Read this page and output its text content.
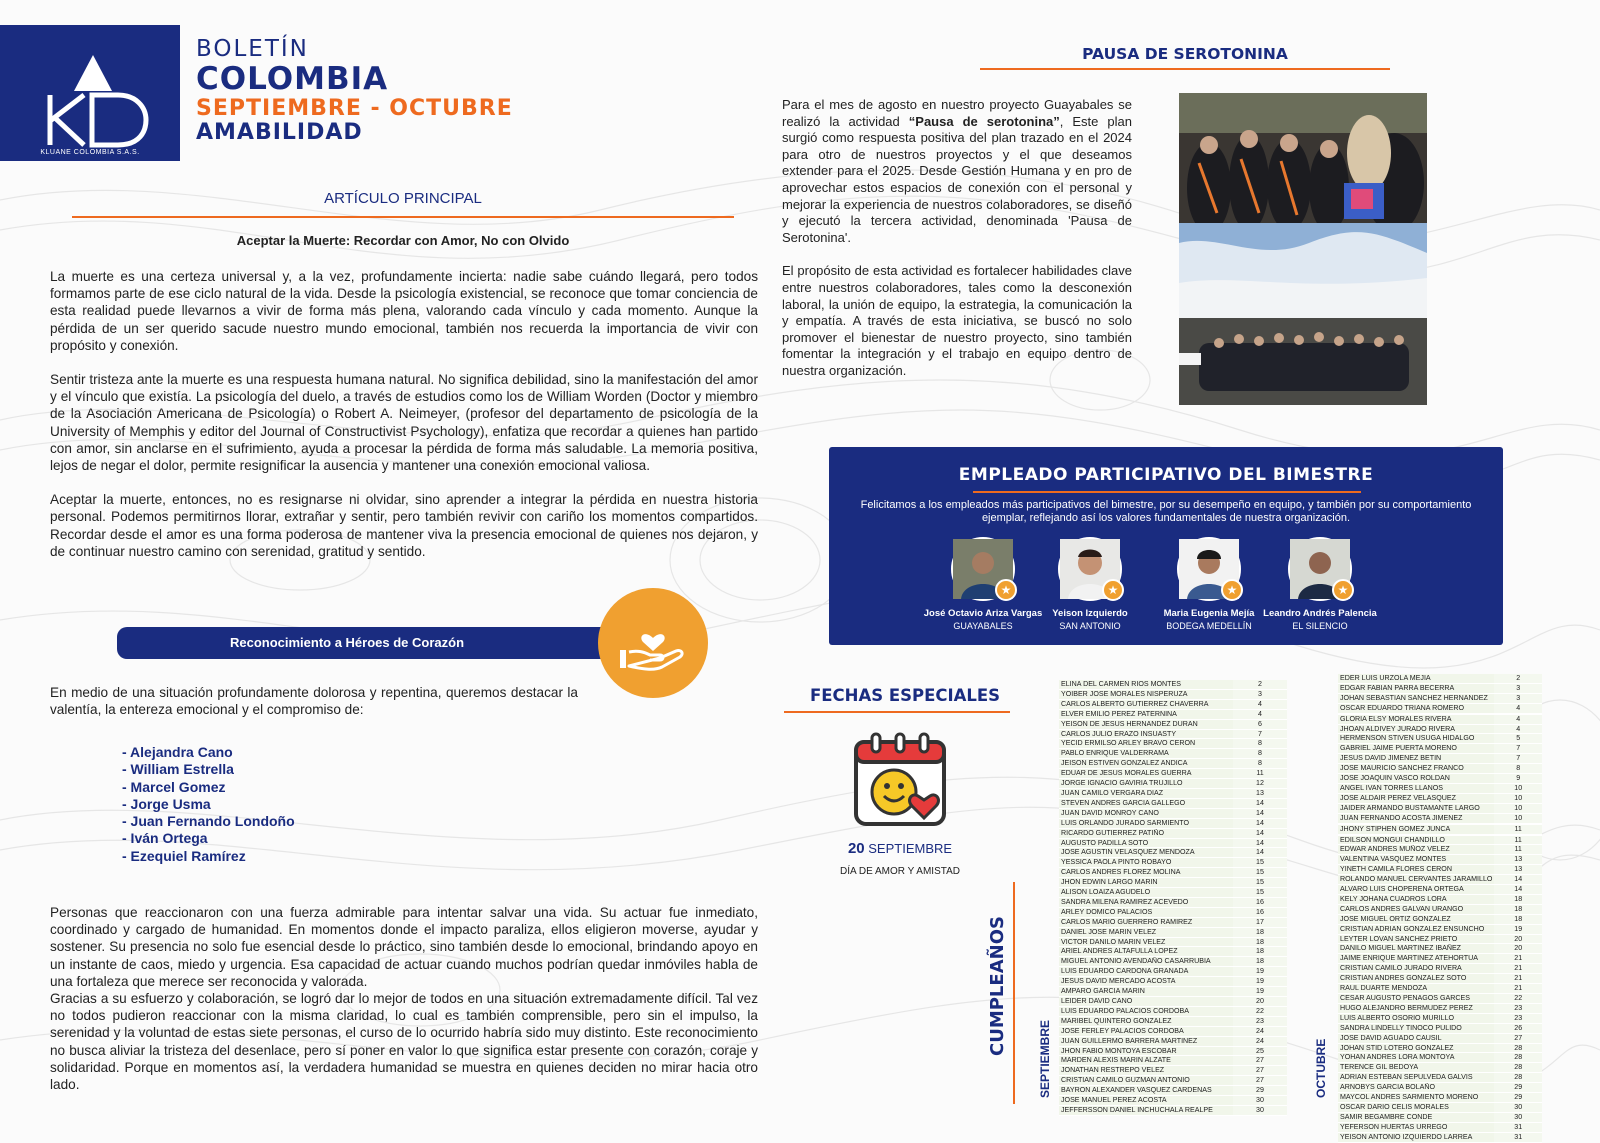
KLUANE COLOMBIA S.A.S.
BOLETÍN
COLOMBIA
SEPTIEMBRE - OCTUBRE
AMABILIDAD
ARTÍCULO PRINCIPAL
Aceptar la Muerte: Recordar con Amor, No con Olvido

La muerte es una certeza universal y, a la vez, profundamente incierta: nadie sabe cuándo llegará, pero todos formamos parte de ese ciclo natural de la vida. Desde la psicología existencial, se reconoce que tomar conciencia de esta realidad puede llevarnos a vivir de forma más plena, valorando cada vínculo y cada momento. Aunque la pérdida de un ser querido sacude nuestro mundo emocional, también nos recuerda la importancia de vivir con propósito y conexión.

Sentir tristeza ante la muerte es una respuesta humana natural. No significa debilidad, sino la manifestación del amor y el vínculo que existía. La psicología del duelo, a través de estudios como los de William Worden (Doctor y miembro de la Asociación Americana de Psicología) o Robert A. Neimeyer, (profesor del departamento de psicología de la University of Memphis y editor del Journal of Constructivist Psychology), enfatiza que recordar a quienes han partido con amor, sin anclarse en el sufrimiento, ayuda a procesar la pérdida de forma más saludable. La memoria positiva, lejos de negar el dolor, permite resignificar la ausencia y mantener una conexión emocional valiosa.

Aceptar la muerte, entonces, no es resignarse ni olvidar, sino aprender a integrar la pérdida en nuestra historia personal. Podemos permitirnos llorar, extrañar y sentir, pero también revivir con cariño los momentos compartidos. Recordar desde el amor es una forma poderosa de mantener viva la presencia emocional de quienes nos dejaron, y de continuar nuestro camino con serenidad, gratitud y sentido.

Reconocimiento a Héroes de Corazón

En medio de una situación profundamente dolorosa y repentina, queremos destacar la valentía, la entereza emocional y el compromiso de:

- Alejandra Cano
- William Estrella
- Marcel Gomez
- Jorge Usma
- Juan Fernando Londoño
- Iván Ortega
- Ezequiel Ramírez

Personas que reaccionaron con una fuerza admirable para intentar salvar una vida. Su actuar fue inmediato, coordinado y cargado de humanidad. En momentos donde el impacto paraliza, ellos eligieron moverse, ayudar y sostener. Su presencia no solo fue esencial desde lo práctico, sino también desde lo emocional, brindando apoyo en un instante de caos, miedo y urgencia. Esa capacidad de actuar cuando muchos podrían quedar inmóviles habla de una fortaleza que merece ser reconocida y valorada.

Gracias a su esfuerzo y colaboración, se logró dar lo mejor de todos en una situación extremadamente difícil. Tal vez no todos pudieron reaccionar con la misma claridad, lo cual es también comprensible, pero sin el impulso, la serenidad y la voluntad de estas siete personas, el curso de lo ocurrido habría sido muy distinto. Este reconocimiento no busca aliviar la tristeza del desenlace, pero sí poner en valor lo que significa estar presente con corazón, coraje y solidaridad. Porque en momentos así, la verdadera humanidad se muestra en quienes deciden no mirar hacia otro lado.

PAUSA DE SEROTONINA

Para el mes de agosto en nuestro proyecto Guayabales se realizó la actividad “Pausa de serotonina”, Este plan surgió como respuesta positiva del plan trazado en el 2024 para otro de nuestros proyectos y el que deseamos extender para el 2025. Desde Gestión Humana y en pro de aprovechar estos espacios de conexión con el personal y mejorar la experiencia de nuestros colaboradores, se diseñó y ejecutó la tercera actividad, denominada 'Pausa de Serotonina'.

El propósito de esta actividad es fortalecer habilidades clave entre nuestros colaboradores, tales como la desconexión laboral, la unión de equipo, la estrategia, la comunicación la y empatía. A través de esta iniciativa, se buscó no solo promover el bienestar de nuestro proyecto, sino también fomentar la integración y el trabajo en equipo dentro de nuestra organización.

EMPLEADO PARTICIPATIVO DEL BIMESTRE
Felicitamos a los empleados más participativos del bimestre, por su desempeño en equipo, y también por su comportamiento ejemplar, reflejando así los valores fundamentales de nuestra organización.
★
José Octavio Ariza Vargas
GUAYABALES
★
Yeison Izquierdo
SAN ANTONIO
★
Maria Eugenia Mejía
BODEGA MEDELLÍN
★
Leandro Andrés Palencia
EL SILENCIO
FECHAS ESPECIALES
20 SEPTIEMBRE
DÍA DE AMOR Y AMISTAD
CUMPLEAÑOS
SEPTIEMBRE	OCTUBRE
ELINA DEL CARMEN RIOS MONTES	2
YOIBER JOSE MORALES NISPERUZA	3
CARLOS ALBERTO GUTIERREZ CHAVERRA	4
ELVER EMILIO PEREZ PATERNINA	4
YEISON DE JESUS HERNANDEZ DURAN	6
CARLOS JULIO ERAZO INSUASTY	7
YECID ERMILSO ARLEY BRAVO CERON	8
PABLO ENRIQUE VALDERRAMA	8
JEISON ESTIVEN GONZALEZ ANDICA	8
EDUAR DE JESUS MORALES GUERRA	11
JORGE IGNACIO GAVIRIA TRUJILLO	12
JUAN CAMILO VERGARA DIAZ	13
STEVEN ANDRES GARCIA GALLEGO	14
JUAN DAVID MONROY CANO	14
LUIS ORLANDO JURADO SARMIENTO	14
RICARDO GUTIERREZ PATIÑO	14
AUGUSTO PADILLA SOTO	14
JOSE AGUSTIN VELASQUEZ MENDOZA	14
YESSICA PAOLA PINTO ROBAYO	15
CARLOS ANDRES FLOREZ MOLINA	15
JHON EDWIN LARGO MARIN	15
ALISON LOAIZA AGUDELO	15
SANDRA MILENA RAMIREZ ACEVEDO	16
ARLEY DOMICO PALACIOS	16
CARLOS MARIO GUERRERO RAMIREZ	17
DANIEL JOSE MARIN VELEZ	18
VICTOR DANILO MARIN VELEZ	18
ARIEL ANDRES ALTAFULLA LOPEZ	18
MIGUEL ANTONIO AVENDAÑO CASARRUBIA	18
LUIS EDUARDO CARDONA GRANADA	19
JESUS DAVID MERCADO ACOSTA	19
AMPARO GARCIA MARIN	19
LEIDER DAVID CANO	20
LUIS EDUARDO PALACIOS CORDOBA	22
MARIBEL QUINTERO GONZALEZ	23
JOSE FERLEY PALACIOS CORDOBA	24
JUAN GUILLERMO BARRERA MARTINEZ	24
JHON FABIO MONTOYA ESCOBAR	25
MARDEN ALEXIS MARIN ALZATE	27
JONATHAN RESTREPO VELEZ	27
CRISTIAN CAMILO GUZMAN ANTONIO	27
BAYRON ALEXANDER VASQUEZ CARDENAS	29
JOSE MANUEL PEREZ ACOSTA	30
JEFFERSSON DANIEL INCHUCHALA REALPE	30
EDER LUIS URZOLA MEJIA	2
EDGAR FABIAN PARRA BECERRA	3
JOHAN SEBASTIAN SANCHEZ HERNANDEZ	3
OSCAR EDUARDO TRIANA ROMERO	4

GLORIA ELSY MORALES RIVERA	4
JHOAN ALDIVEY JURADO RIVERA	4
HERMENSON STIVEN USUGA HIDALGO	5
GABRIEL JAIME PUERTA MORENO	7
JESUS DAVID JIMENEZ BETIN	7
JOSE MAURICIO SANCHEZ FRANCO	8
JOSE JOAQUIN VASCO ROLDAN	9
ANGEL IVAN TORRES LLANOS	10
JOSE ALDAIR PEREZ VELASQUEZ	10
JAIDER ARMANDO BUSTAMANTE LARGO	10
JUAN FERNANDO ACOSTA JIMENEZ	10

JHONY STIPHEN GOMEZ JUNCA	11

EDILSON MONGUI CHANDILLO	11
EDWAR ANDRES MUÑOZ VELEZ	11
VALENTINA VASQUEZ MONTES	13
YINETH CAMILA FLORES CERON	13
ROLANDO MANUEL CERVANTES JARAMILLO	14
ALVARO LUIS CHOPERENA ORTEGA	14
KELY JOHANA CUADROS LORA	18
CARLOS ANDRES GALVAN URANGO	18
JOSE MIGUEL ORTIZ GONZALEZ	18
CRISTIAN ADRIAN GONZALEZ ENSUNCHO	19
LEYTER LOVAN SANCHEZ PRIETO	20
DANILO MIGUEL MARTINEZ IBAÑEZ	20
JAIME ENRIQUE MARTINEZ ATEHORTUA	21
CRISTIAN CAMILO JURADO RIVERA	21
CRISTIAN ANDRES GONZALEZ SOTO	21
RAUL DUARTE MENDOZA	21
CESAR AUGUSTO PENAGOS GARCES	22
HUGO ALEJANDRO BERMUDEZ PEREZ	23
LUIS ALBERTO OSORIO MURILLO	23
SANDRA LINDELLY TINOCO PULIDO	26
JOSE DAVID AGUADO CAUSIL	27
JOHAN STID LOTERO GONZALEZ	28
YOHAN ANDRES LORA MONTOYA	28
TERENCE GIL BEDOYA	28
ADRIAN ESTEBAN SEPULVEDA GALVIS	28
ARNOBYS GARCIA BOLAÑO	29
MAYCOL ANDRES SARMIENTO MORENO	29
OSCAR DARIO CELIS MORALES	30
SAMIR BEGAMBRE CONDE	30
YEFERSON HUERTAS URREGO	31
YEISON ANTONIO IZQUIERDO LARREA	31
